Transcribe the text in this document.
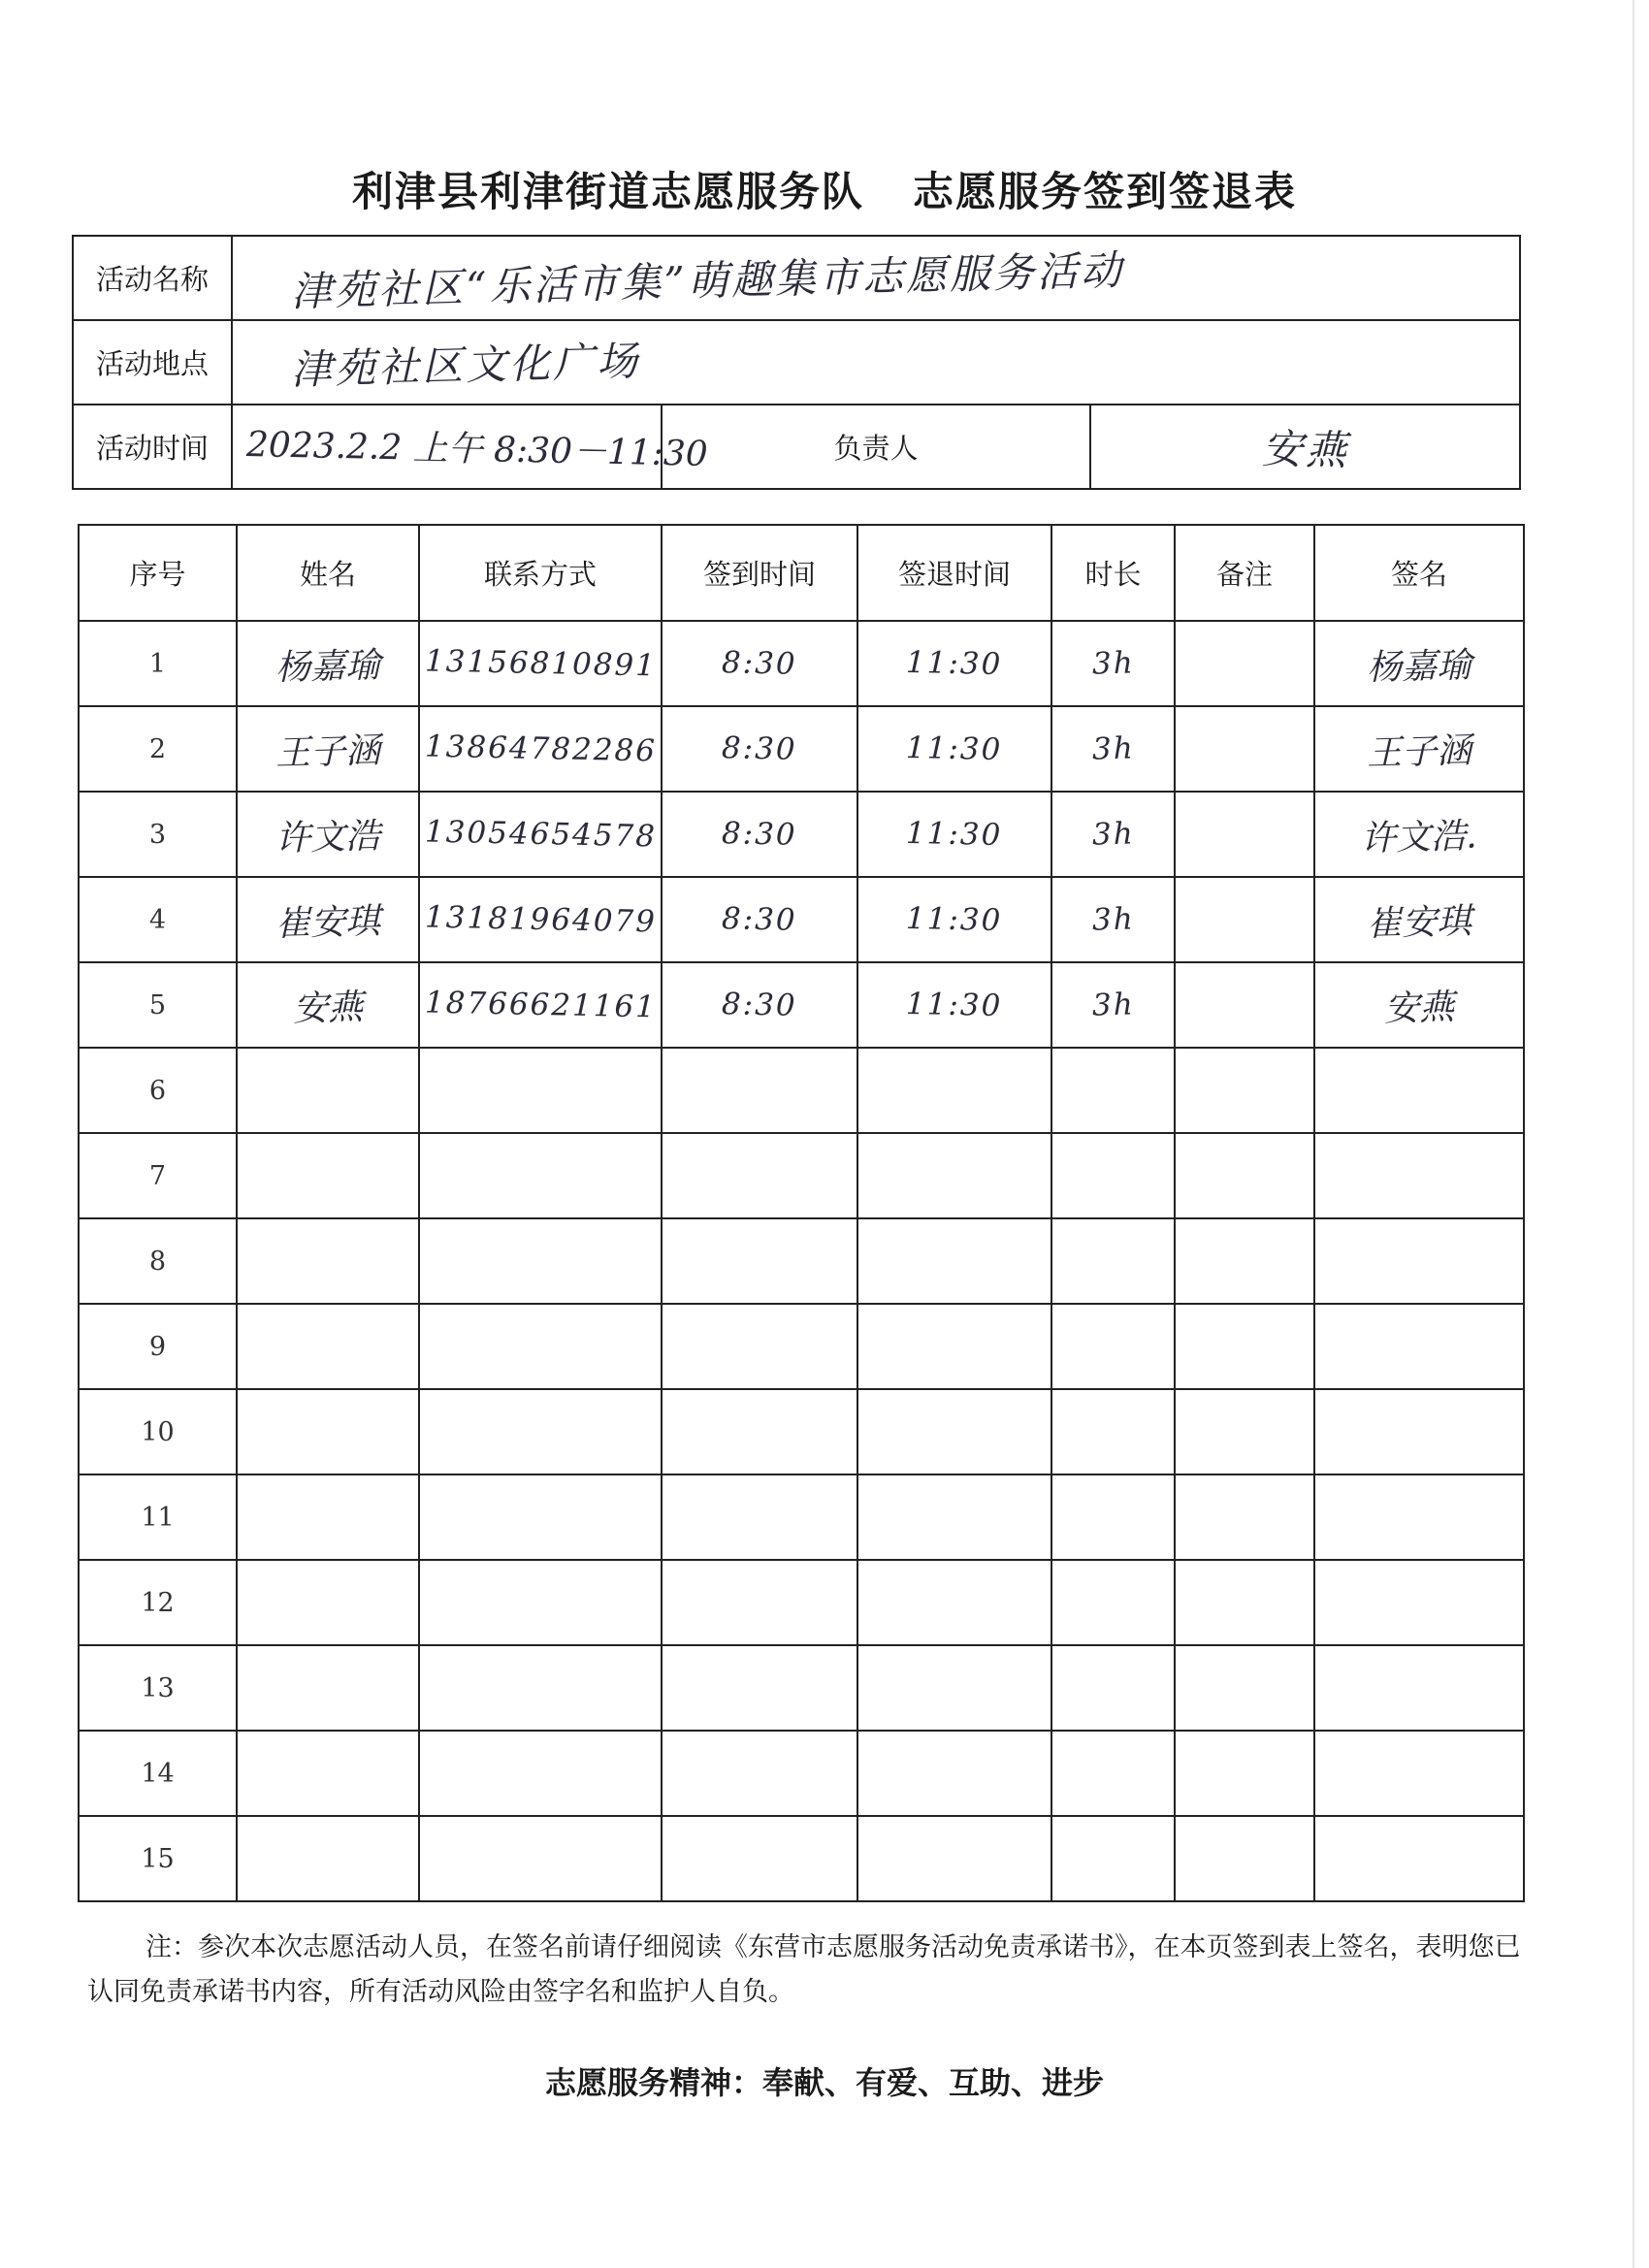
利津县利津街道志愿服务队 志愿服务签到签退表
活动名称	津苑社区“乐活市集”萌趣集市志愿服务活动		
活动地点	津苑社区文化广场		
活动时间	2023.2.2 上午 8:30－11:30	负责人	安燕
序号	姓名	联系方式	签到时间	签退时间	时长	备注	签名
1	杨嘉瑜	13156810891	8:30	11:30	3h		杨嘉瑜
2	王子涵	13864782286	8:30	11:30	3h		王子涵
3	许文浩	13054654578	8:30	11:30	3h		许文浩.
4	崔安琪	13181964079	8:30	11:30	3h		崔安琪
5	安燕	18766621161	8:30	11:30	3h		安燕
6							
7							
8							
9							
10							
11							
12							
13							
14							
15							
注：参次本次志愿活动人员，在签名前请仔细阅读《东营市志愿服务活动免责承诺书》，在本页签到表上签名，表明您已认同免责承诺书内容，所有活动风险由签字名和监护人自负。
志愿服务精神：奉献、有爱、互助、进步
